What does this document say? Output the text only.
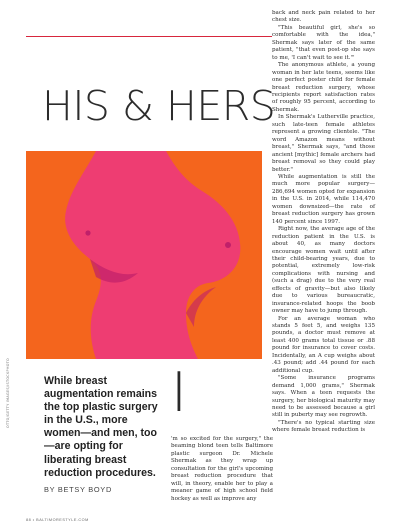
HIS & HERS
OTTO/GETTY IMAGES/ISTOCKPHOTO	While breast augmentation remains the top plastic surgery in the U.S., more women—and men, too—are opting for liberating breast reduction procedures.
BY BETSY BOYD
I

'm so excited for the surgery," the beaming blond teen tells Baltimore plastic surgeon Dr. Michele Shermak as they wrap up consultation for the girl's upcoming breast reduction procedure that will, in theory, enable her to play a meaner game of high school field hockey as well as improve any

back and neck pain related to her chest size.

"This beautiful girl, she's so comfortable with the idea," Shermak says later of the same patient, "that even post-op she says to me, 'I can't wait to see it.'"

The anonymous athlete, a young woman in her late teens, seems like one perfect poster child for female breast reduction surgery, whose recipients report satisfaction rates of roughly 95 percent, according to Shermak.

In Shermak's Lutherville practice, such late-teen female athletes represent a growing clientele. "The word Amazon means without breast," Shermak says, "and those ancient [mythic] female archers had breast removal so they could play better."

While augmentation is still the much more popular surgery—286,694 women opted for expansion in the U.S. in 2014, while 114,470 women downsized—the rate of breast reduction surgery has grown 140 percent since 1997.

Right now, the average age of the reduction patient in the U.S. is about 40, as many doctors encourage women wait until after their child-bearing years, due to potential, extremely low-risk complications with nursing and (such a drag) due to the very real effects of gravity—but also likely due to various bureaucratic, insurance-related hoops the boob owner may have to jump through.

For an average woman who stands 5 feet 5, and weighs 135 pounds, a doctor must remove at least 400 grams total tissue or .88 pound for insurance to cover costs. Incidentally, an A cup weighs about .43 pound; add .44 pound for each additional cup.

"Some insurance programs demand 1,000 grams," Shermak says. When a teen requests the surgery, her biological maturity may need to be assessed because a girl still in puberty may see regrowth.

"There's no typical starting size where female breast reduction is

88 • BALTIMORESTYLE.COM
